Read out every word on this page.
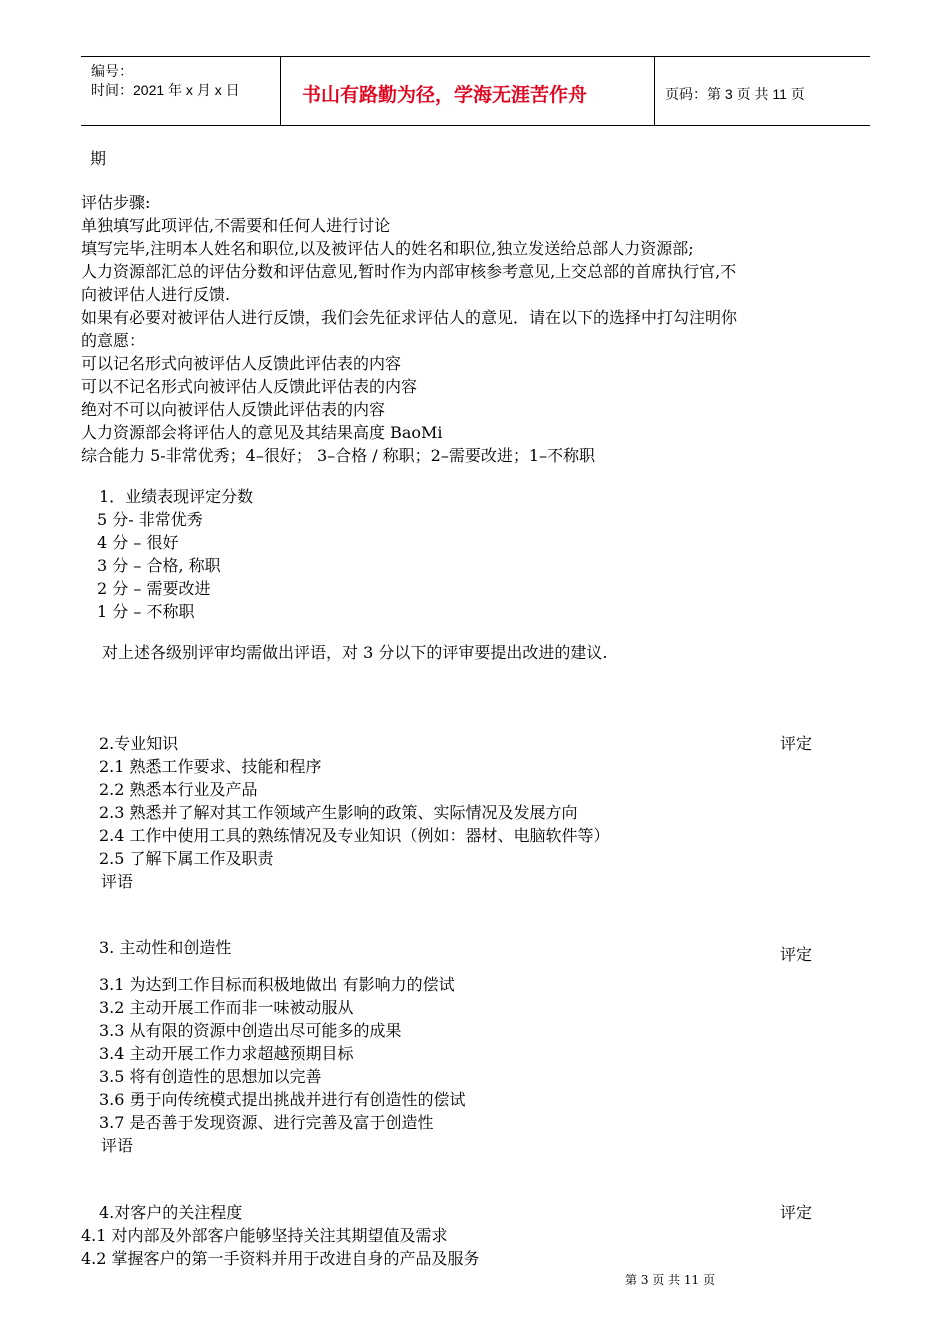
编号：
时间：2021 年 x 月 x 日	书山有路勤为径，学海无涯苦作舟	页码：第 3 页 共 11 页
期
评估步骤:
单独填写此项评估,不需要和任何人进行讨论
填写完毕,注明本人姓名和职位,以及被评估人的姓名和职位,独立发送给总部人力资源部;
人力资源部汇总的评估分数和评估意见,暂时作为内部审核参考意见,上交总部的首席执行官,不
向被评估人进行反馈.
如果有必要对被评估人进行反馈，我们会先征求评估人的意见．请在以下的选择中打勾注明你
的意愿：
可以记名形式向被评估人反馈此评估表的内容
可以不记名形式向被评估人反馈此评估表的内容
绝对不可以向被评估人反馈此评估表的内容
人力资源部会将评估人的意见及其结果高度 BaoMi
综合能力 5-非常优秀；4–很好； 3–合格 / 称职；2–需要改进；1–不称职
1．业绩表现评定分数
5 分- 非常优秀
4 分 – 很好
3 分 – 合格, 称职
2 分 – 需要改进
1 分 – 不称职
对上述各级别评审均需做出评语，对 3 分以下的评审要提出改进的建议.
2.专业知识	评定
2.1 熟悉工作要求、技能和程序
2.2 熟悉本行业及产品
2.3 熟悉并了解对其工作领域产生影响的政策、实际情况及发展方向
2.4 工作中使用工具的熟练情况及专业知识（例如：器材、电脑软件等）
2.5 了解下属工作及职责
评语
3. 主动性和创造性	评定
3.1 为达到工作目标而积极地做出 有影响力的偿试
3.2 主动开展工作而非一味被动服从
3.3 从有限的资源中创造出尽可能多的成果
3.4 主动开展工作力求超越预期目标
3.5 将有创造性的思想加以完善
3.6 勇于向传统模式提出挑战并进行有创造性的偿试
3.7 是否善于发现资源、进行完善及富于创造性
评语
4.对客户的关注程度	评定
4.1 对内部及外部客户能够坚持关注其期望值及需求
4.2 掌握客户的第一手资料并用于改进自身的产品及服务
第 3 页 共 11 页
